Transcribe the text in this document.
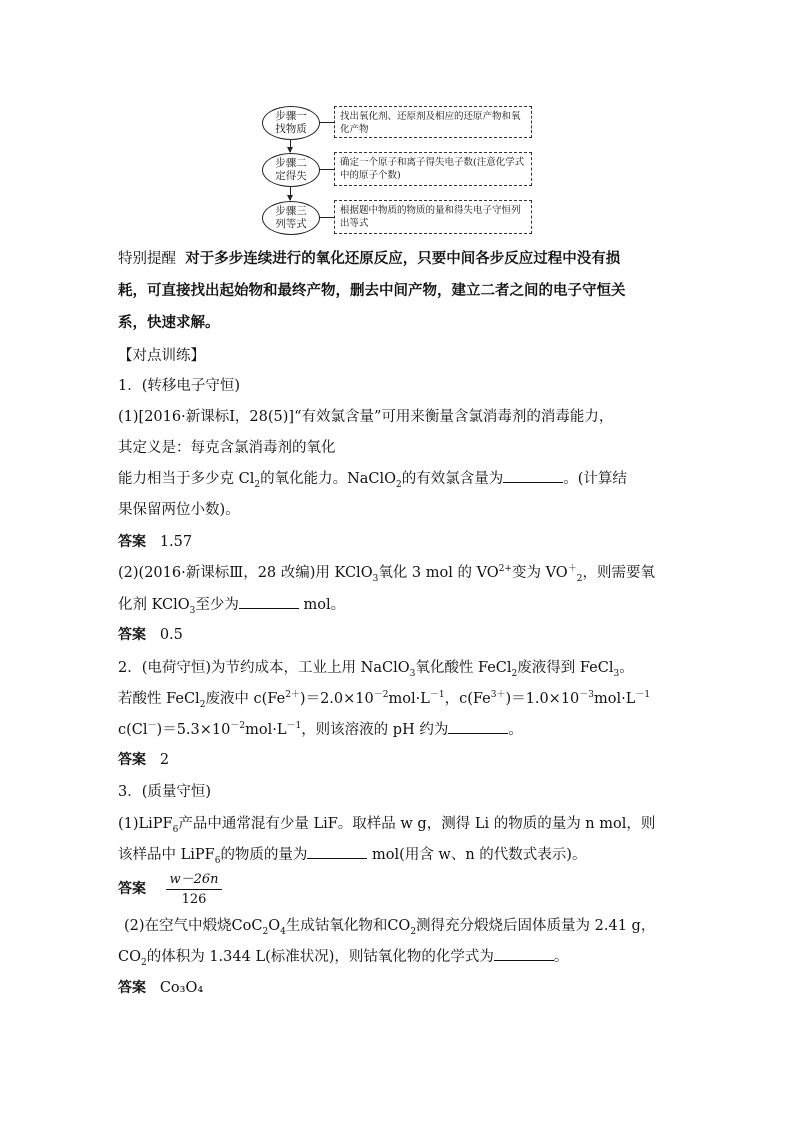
步骤一
找物质
找出氧化剂、还原剂及相应的还原产物和氧化产物
步骤二
定得失
确定一个原子和离子得失电子数(注意化学式中的原子个数)
步骤三
列等式
根据题中物质的物质的量和得失电子守恒列出等式
特别提醒 对于多步连续进行的氧化还原反应，只要中间各步反应过程中没有损
耗，可直接找出起始物和最终产物，删去中间产物，建立二者之间的电子守恒关
系，快速求解。
【对点训练】
1．(转移电子守恒)
(1)[2016·新课标Ⅰ，28(5)]“有效氯含量”可用来衡量含氯消毒剂的消毒能力，
其定义是：每克含氯消毒剂的氧化
能力相当于多少克 $Cl_2$的氧化能力。NaClO$_2$的有效氯含量为	。(计算结
果保留两位小数)。
答案 1.57
(2)(2016·新课标Ⅲ，28 改编)用 KClO$_3$氧化 3 mol 的 $VO^{2+}$变为 $VO^+_2$，则需要氧
化剂 KClO$_3$至少为	mol。
答案 0.5
2．(电荷守恒)为节约成本，工业上用 NaClO$_3$氧化酸性 FeCl$_2$废液得到 FeCl$_3$。
若酸性 FeCl$_2$废液中 $c(Fe^{2+})=2.0\times 10^{-2}mol\cdot L^{-1}$，$c(Fe^{3+})=1.0\times 10^{-3}mol\cdot L^{-1}$
$c(Cl^-)=5.3\times 10^{-2}mol\cdot L^{-1}$，则该溶液的 pH 约为	。
答案 2
3．(质量守恒)
(1)LiPF$_6$产品中通常混有少量 LiF。取样品 w g，测得 Li 的物质的量为 n mol，则
该样品中 LiPF$_6$的物质的量为	mol(用含 w、n 的代数式表示)。
答案 $\frac{w-26n}{126}$
(2)在空气中煅烧$CoC_2O_4$生成钴氧化物和$CO_2$测得充分煅烧后固体质量为 2.41 g，
$CO_2$的体积为 1.344 L(标准状况)，则钴氧化物的化学式为	。
答案 Co₃O₄
